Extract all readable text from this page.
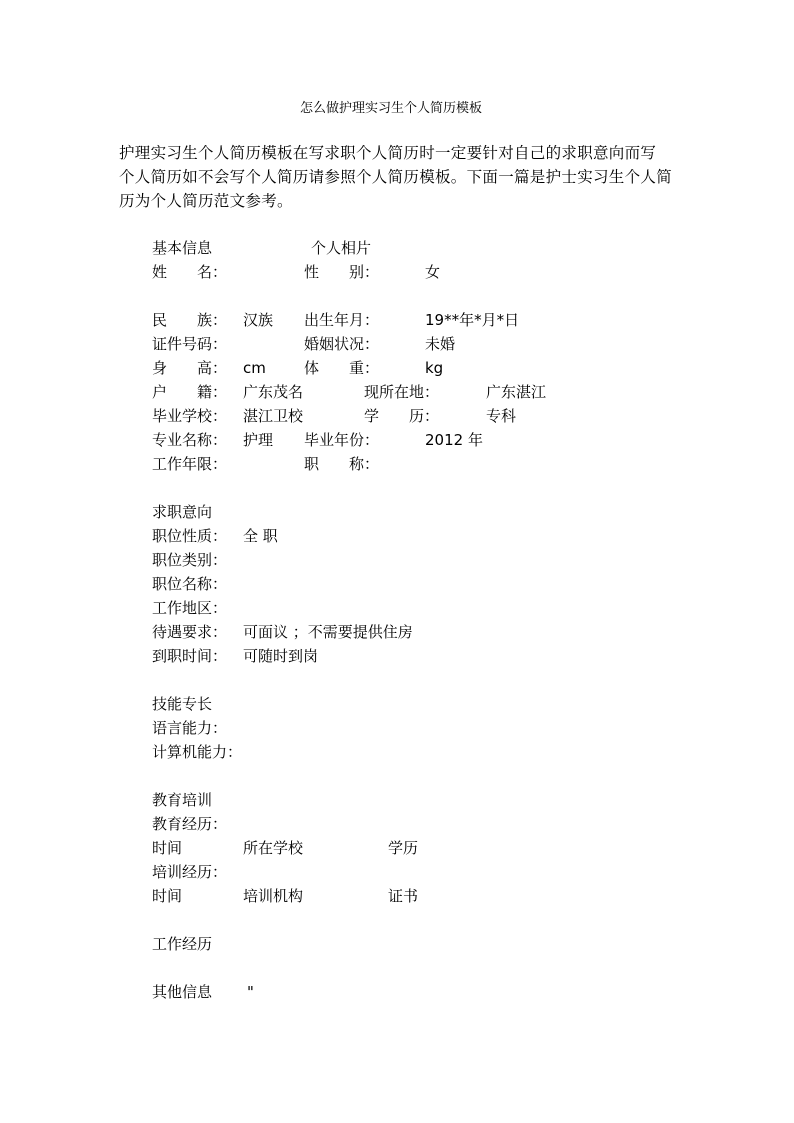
怎么做护理实习生个人简历模板
护理实习生个人简历模板在写求职个人简历时一定要针对自己的求职意向而写
个人简历如不会写个人简历请参照个人简历模板。下面一篇是护士实习生个人简
历为个人简历范文参考。
基本信息	个人相片
姓　　名：	性　　别：	女
民　　族： 汉族 出生年月：	19**年*月*日
证件号码：	婚姻状况：	未婚
身　　高： cm	体　　重：	kg
户　　籍： 广东茂名	现所在地：	广东湛江
毕业学校： 湛江卫校	学　　历：	专科
专业名称： 护理 毕业年份：	2012 年
工作年限：	职　　称：
求职意向
职位性质： 全 职
职位类别：
职位名称：
工作地区：
待遇要求： 可面议 ；不需要提供住房
到职时间： 可随时到岗
技能专长
语言能力：
计算机能力：
教育培训
教育经历：
时间	所在学校	学历
培训经历：
时间	培训机构	证书
工作经历
其他信息 "
